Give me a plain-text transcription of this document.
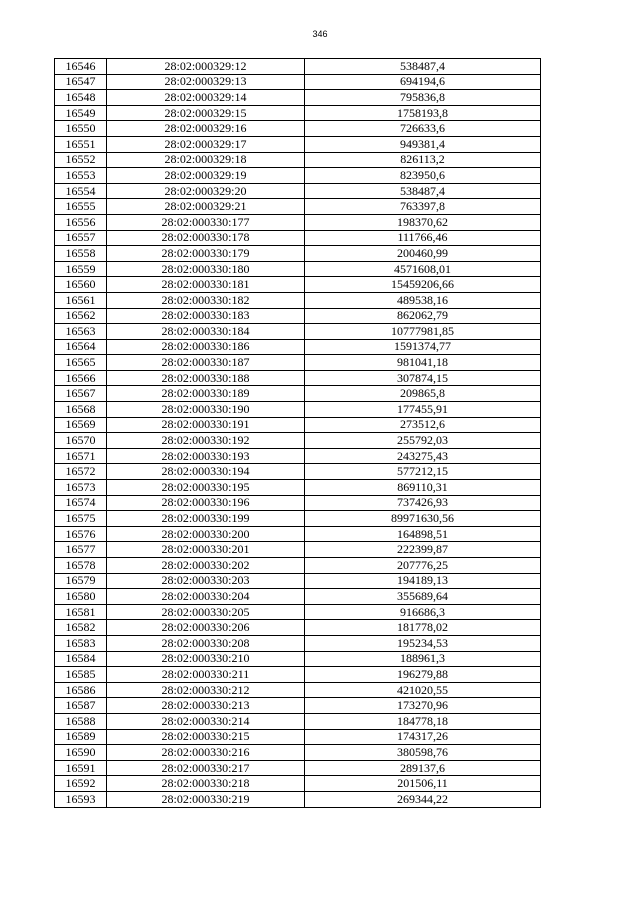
346
16546	28:02:000329:12	538487,4
16547	28:02:000329:13	694194,6
16548	28:02:000329:14	795836,8
16549	28:02:000329:15	1758193,8
16550	28:02:000329:16	726633,6
16551	28:02:000329:17	949381,4
16552	28:02:000329:18	826113,2
16553	28:02:000329:19	823950,6
16554	28:02:000329:20	538487,4
16555	28:02:000329:21	763397,8
16556	28:02:000330:177	198370,62
16557	28:02:000330:178	111766,46
16558	28:02:000330:179	200460,99
16559	28:02:000330:180	4571608,01
16560	28:02:000330:181	15459206,66
16561	28:02:000330:182	489538,16
16562	28:02:000330:183	862062,79
16563	28:02:000330:184	10777981,85
16564	28:02:000330:186	1591374,77
16565	28:02:000330:187	981041,18
16566	28:02:000330:188	307874,15
16567	28:02:000330:189	209865,8
16568	28:02:000330:190	177455,91
16569	28:02:000330:191	273512,6
16570	28:02:000330:192	255792,03
16571	28:02:000330:193	243275,43
16572	28:02:000330:194	577212,15
16573	28:02:000330:195	869110,31
16574	28:02:000330:196	737426,93
16575	28:02:000330:199	89971630,56
16576	28:02:000330:200	164898,51
16577	28:02:000330:201	222399,87
16578	28:02:000330:202	207776,25
16579	28:02:000330:203	194189,13
16580	28:02:000330:204	355689,64
16581	28:02:000330:205	916686,3
16582	28:02:000330:206	181778,02
16583	28:02:000330:208	195234,53
16584	28:02:000330:210	188961,3
16585	28:02:000330:211	196279,88
16586	28:02:000330:212	421020,55
16587	28:02:000330:213	173270,96
16588	28:02:000330:214	184778,18
16589	28:02:000330:215	174317,26
16590	28:02:000330:216	380598,76
16591	28:02:000330:217	289137,6
16592	28:02:000330:218	201506,11
16593	28:02:000330:219	269344,22
